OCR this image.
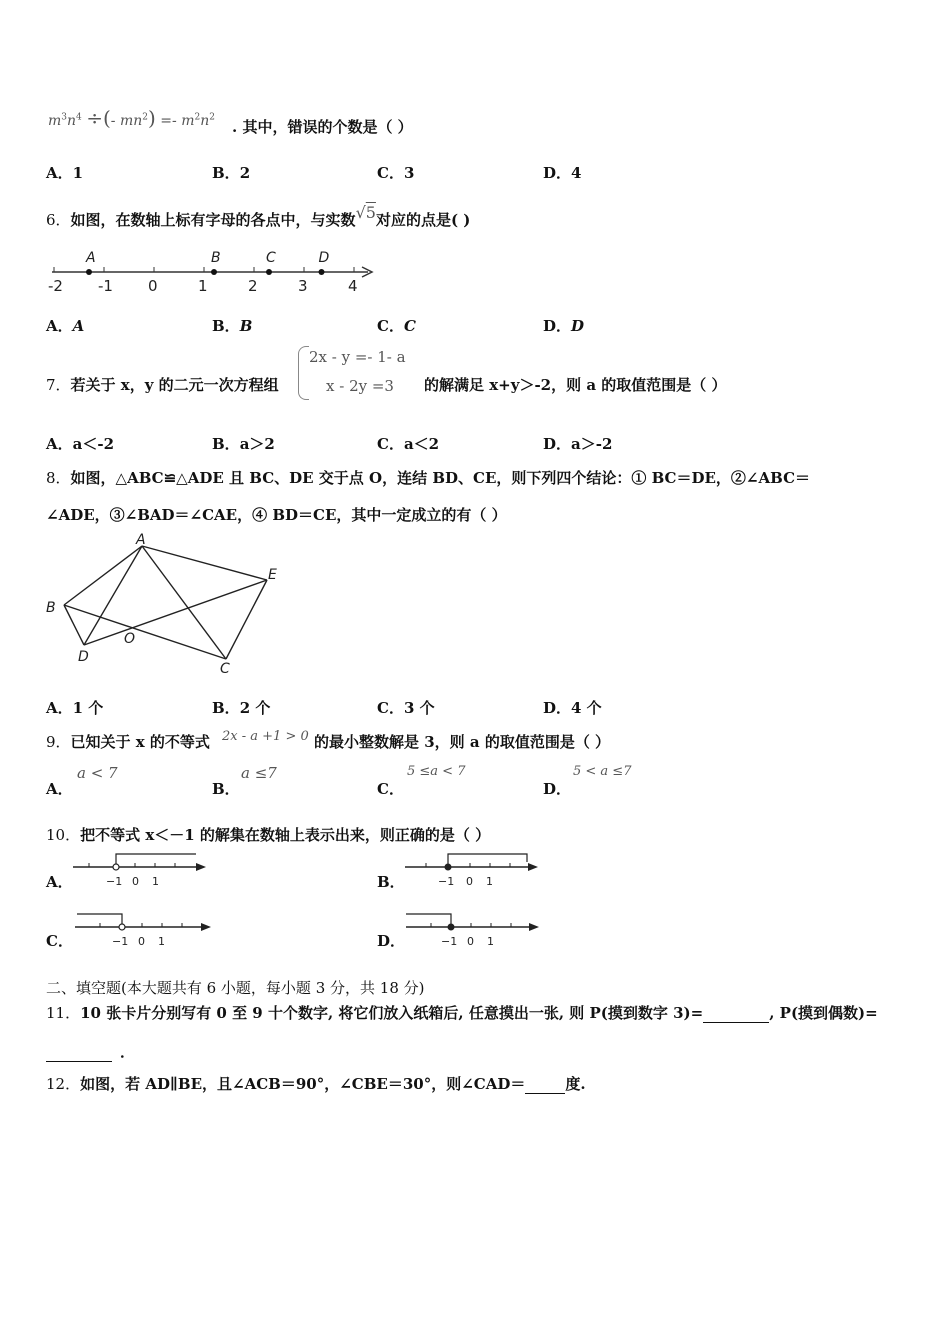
$m^3n^4$ ÷(- $mn^2) =- m^2n^2$
. 其中，错误的个数是（ ）
A．1	B．2	C．3	D．4
6．如图，在数轴上标有字母的各点中，与实数√5对应的点是( )
-2 -1 0	1	2	3	4
A	B	C	D
A．A	B．B	C．C	D．D
7．若关于 x，y 的二元一次方程组
2x - y =- 1- a
x - 2y =3 的解满足 x+y＞-2，则 a 的取值范围是（ ）
A．a＜-2	B．a＞2	C．a＜2	D．a＞-2
8．如图，△ABC≌△ADE 且 BC、DE 交于点 O，连结 BD、CE，则下列四个结论：① BC＝DE，②∠ABC＝
∠ADE，③∠BAD＝∠CAE，④ BD＝CE，其中一定成立的有（ ）
A
B
D
C
E
O
A．1 个	B．2 个	C．3 个	D．4 个
9．已知关于 x 的不等式 2x - a +1 > 0 的最小整数解是 3，则 a 的取值范围是（ ）
A．
a < 7
B．
a ≤7
C．
5 ≤a < 7
D．
5 < a ≤7
10．把不等式 x＜－1 的解集在数轴上表示出来，则正确的是（ ）
A．	−1 0 1	B．	−1 0 1
C．	−1 0 1	D．	−1 0 1
二、填空题(本大题共有 6 小题，每小题 3 分，共 18 分)
11．10 张卡片分别写有 0 至 9 十个数字, 将它们放入纸箱后, 任意摸出一张, 则 P(摸到数字 3)=	, P(摸到偶数)=
．
12．如图，若 AD∥BE，且∠ACB＝90°，∠CBE＝30°，则∠CAD＝	度.
